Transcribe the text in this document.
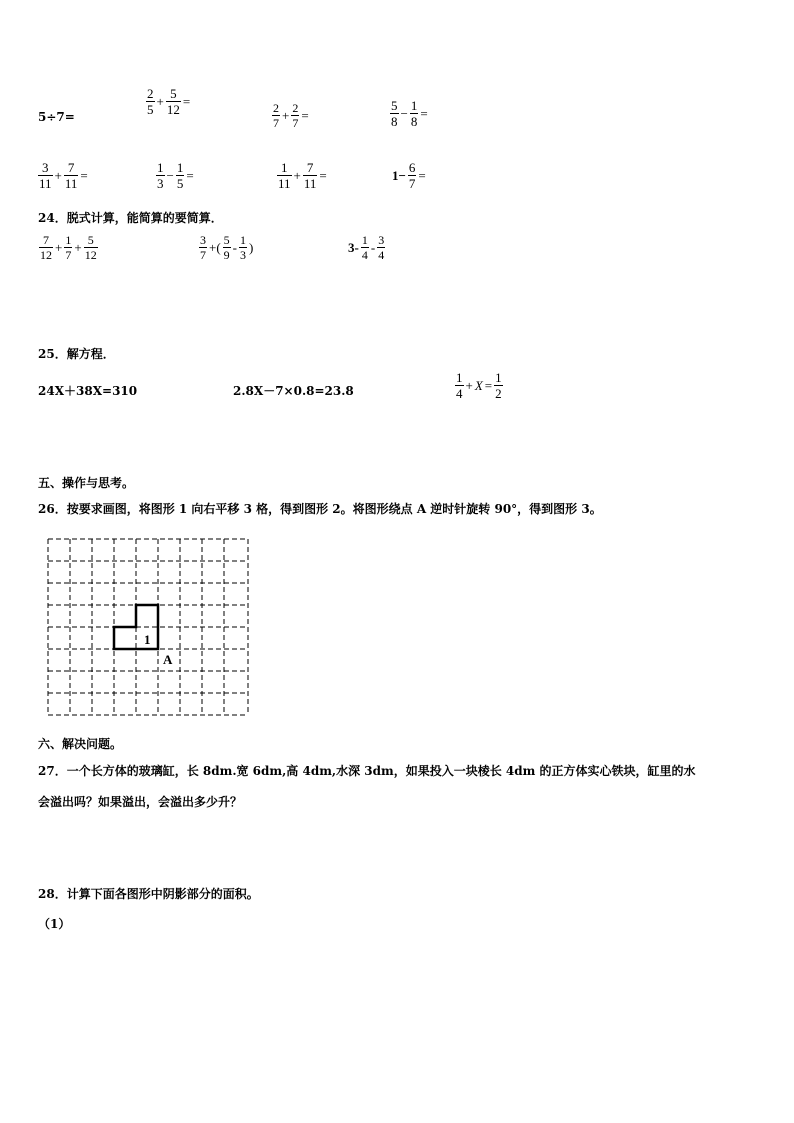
5÷7=	$\frac{2}{5} + \frac{5}{12}$ =	$\frac{2}{7} + \frac{2}{7}$ =	$\frac{5}{8} - \frac{1}{8}$ =
$\frac{3}{11} + \frac{7}{11}$ =	$\frac{1}{3} - \frac{1}{5}$ =	$\frac{1}{11} + \frac{7}{11}$ =	$1- \frac{6}{7}$ =
24．脱式计算，能简算的要简算．
$\frac{7}{12} + \frac{1}{7} + \frac{5}{12}$	$\frac{3}{7}$ +( $\frac{5}{9} - \frac{1}{3}$ )	$3- \frac{1}{4} - \frac{3}{4}$
25．解方程．
24X＋38X=310	2.8X－7×0.8=23.8	$\frac{1}{4} + X = \frac{1}{2}$
五、操作与思考。
26．按要求画图，将图形 1 向右平移 3 格，得到图形 2。将图形绕点 A 逆时针旋转 90°，得到图形 3。
1
A
六、解决问题。
27．一个长方体的玻璃缸，长 8dm.宽 6dm,高 4dm,水深 3dm，如果投入一块棱长 4dm 的正方体实心铁块，缸里的水
会溢出吗？如果溢出，会溢出多少升？
28．计算下面各图形中阴影部分的面积。
（1）
